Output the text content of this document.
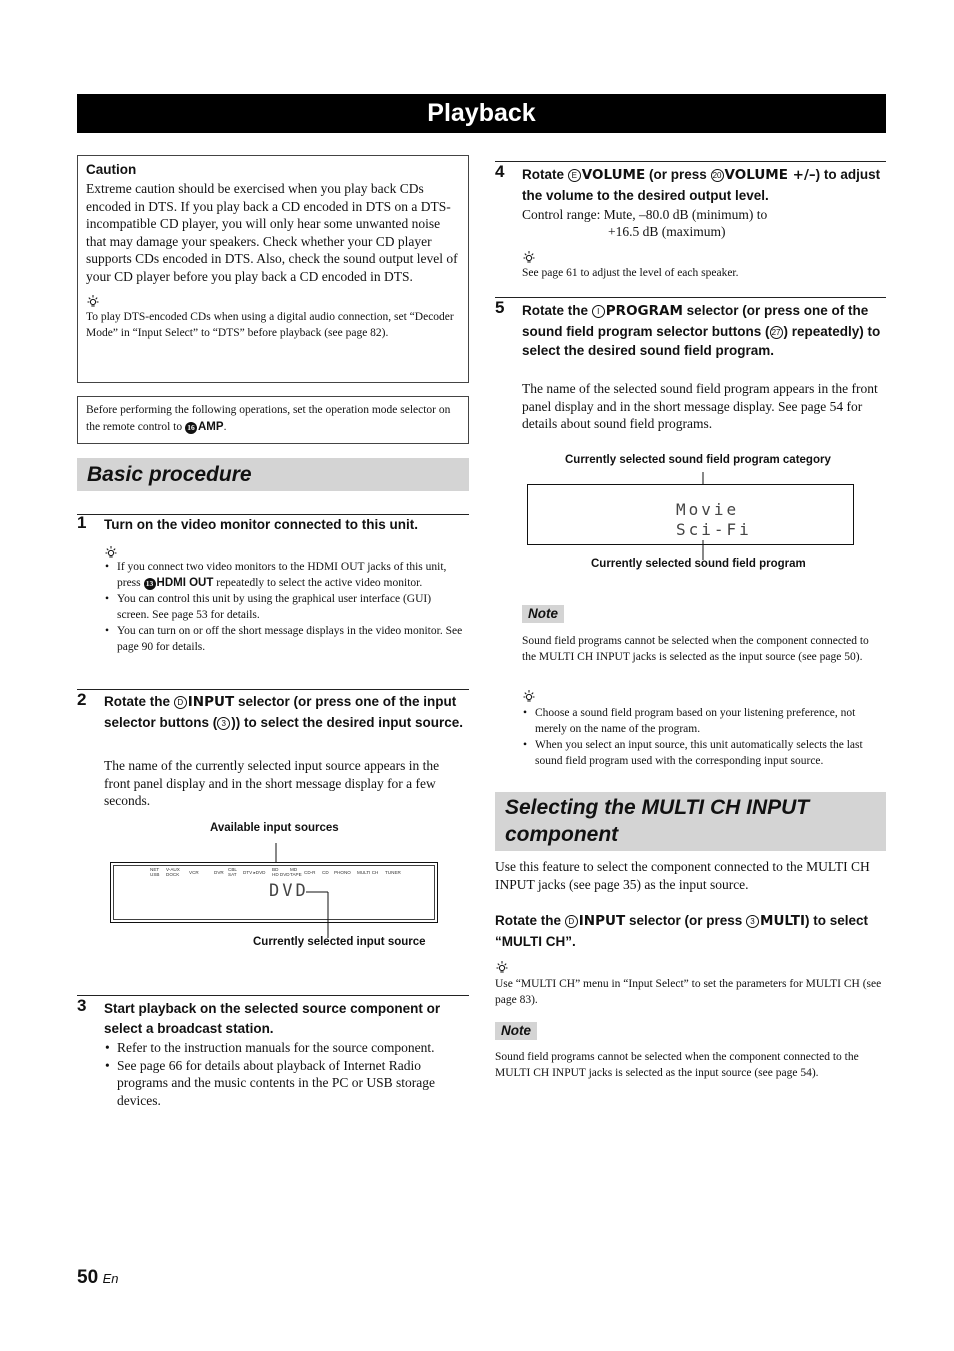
Playback
Caution
Extreme caution should be exercised when you play back CDs encoded in DTS. If you play back a CD encoded in DTS on a DTS-incompatible CD player, you will only hear some unwanted noise that may damage your speakers. Check whether your CD player supports CDs encoded in DTS. Also, check the sound output level of your CD player before you play back a CD encoded in DTS.
To play DTS-encoded CDs when using a digital audio connection, set “Decoder Mode” in “Input Select” to “DTS” before playback (see page 82).
Before performing the following operations, set the operation mode selector on the remote control to 16 AMP.
Basic procedure
1 Turn on the video monitor connected to this unit.
• If you connect two video monitors to the HDMI OUT jacks of this unit, press 13 HDMI OUT repeatedly to select the active video monitor.
• You can control this unit by using the graphical user interface (GUI) screen. See page 53 for details.
• You can turn on or off the short message displays in the video monitor. See page 90 for details.
2 Rotate the D INPUT selector (or press one of the input selector buttons ( 3 )) to select the desired input source.
The name of the currently selected input source appears in the front panel display and in the short message display for a few seconds.
Available input sources
NET
USB
V-AUX
DOCK VCR	DVR
CBL
SAT DTV ▸DVD
BD
HD DVD
MD
TAPE CD-R CD PHONO MULTI CH TUNER
DVD
Currently selected input source
3 Start playback on the selected source component or select a broadcast station.
• Refer to the instruction manuals for the source component.
• See page 66 for details about playback of Internet Radio programs and the music contents in the PC or USB storage devices.
4 Rotate E VOLUME (or press 20 VOLUME +/–) to adjust the volume to the desired output level.
Control range: Mute, –80.0 dB (minimum) to
+16.5 dB (maximum)
See page 61 to adjust the level of each speaker.
5 Rotate the I PROGRAM selector (or press one of the sound field program selector buttons ( 27 ) repeatedly) to select the desired sound field program.
The name of the selected sound field program appears in the front panel display and in the short message display. See page 54 for details about sound field programs.
Currently selected sound field program category
Movie
Sci-Fi
Currently selected sound field program
Note
Sound field programs cannot be selected when the component connected to the MULTI CH INPUT jacks is selected as the input source (see page 50).
• Choose a sound field program based on your listening preference, not merely on the name of the program.
• When you select an input source, this unit automatically selects the last sound field program used with the corresponding input source.
Selecting the MULTI CH INPUT
component
Use this feature to select the component connected to the MULTI CH INPUT jacks (see page 35) as the input source.
Rotate the D INPUT selector (or press 3 MULTI) to select “MULTI CH”.
Use “MULTI CH” menu in “Input Select” to set the parameters for MULTI CH (see page 83).
Note
Sound field programs cannot be selected when the component connected to the MULTI CH INPUT jacks is selected as the input source (see page 54).
50 En
